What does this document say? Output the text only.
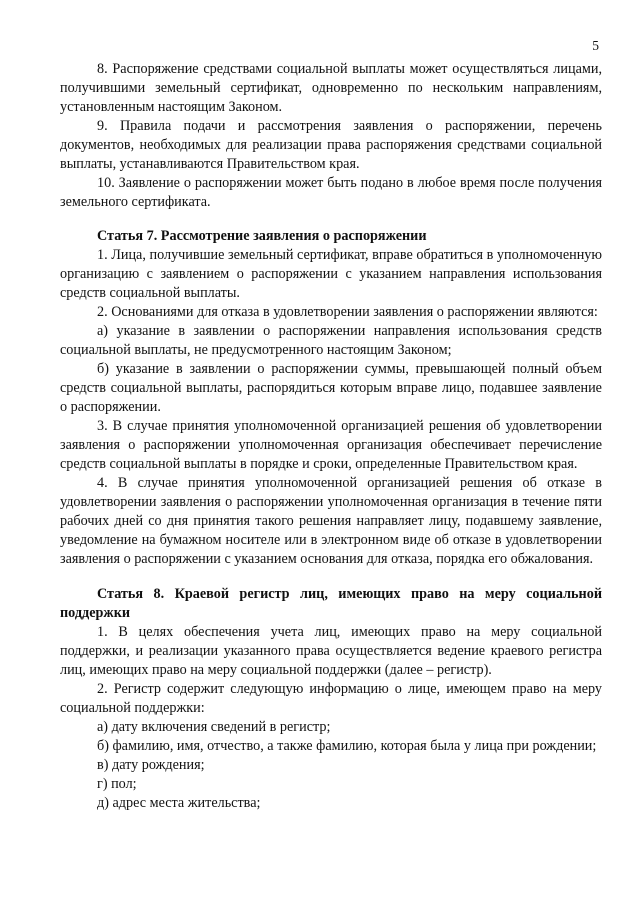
5

8. Распоряжение средствами социальной выплаты может осуществляться лицами, получившими земельный сертификат, одновременно по нескольким направлениям, установленным настоящим Законом.

9. Правила подачи и рассмотрения заявления о распоряжении, перечень документов, необходимых для реализации права распоряжения средствами социальной выплаты, устанавливаются Правительством края.

10. Заявление о распоряжении может быть подано в любое время после получения земельного сертификата.

Статья 7. Рассмотрение заявления о распоряжении

1. Лица, получившие земельный сертификат, вправе обратиться в уполномоченную организацию с заявлением о распоряжении с указанием направления использования средств социальной выплаты.

2. Основаниями для отказа в удовлетворении заявления о распоряжении являются:

а) указание в заявлении о распоряжении направления использования средств социальной выплаты, не предусмотренного настоящим Законом;

б) указание в заявлении о распоряжении суммы, превышающей полный объем средств социальной выплаты, распорядиться которым вправе лицо, подавшее заявление о распоряжении.

3. В случае принятия уполномоченной организацией решения об удовлетворении заявления о распоряжении уполномоченная организация обеспечивает перечисление средств социальной выплаты в порядке и сроки, определенные Правительством края.

4. В случае принятия уполномоченной организацией решения об отказе в удовлетворении заявления о распоряжении уполномоченная организация в течение пяти рабочих дней со дня принятия такого решения направляет лицу, подавшему заявление, уведомление на бумажном носителе или в электронном виде об отказе в удовлетворении заявления о распоряжении с указанием основания для отказа, порядка его обжалования.

Статья 8. Краевой регистр лиц, имеющих право на меру социальной поддержки

1. В целях обеспечения учета лиц, имеющих право на меру социальной поддержки, и реализации указанного права осуществляется ведение краевого регистра лиц, имеющих право на меру социальной поддержки (далее – регистр).

2. Регистр содержит следующую информацию о лице, имеющем право на меру социальной поддержки:

а) дату включения сведений в регистр;

б) фамилию, имя, отчество, а также фамилию, которая была у лица при рождении;

в) дату рождения;

г) пол;

д) адрес места жительства;
